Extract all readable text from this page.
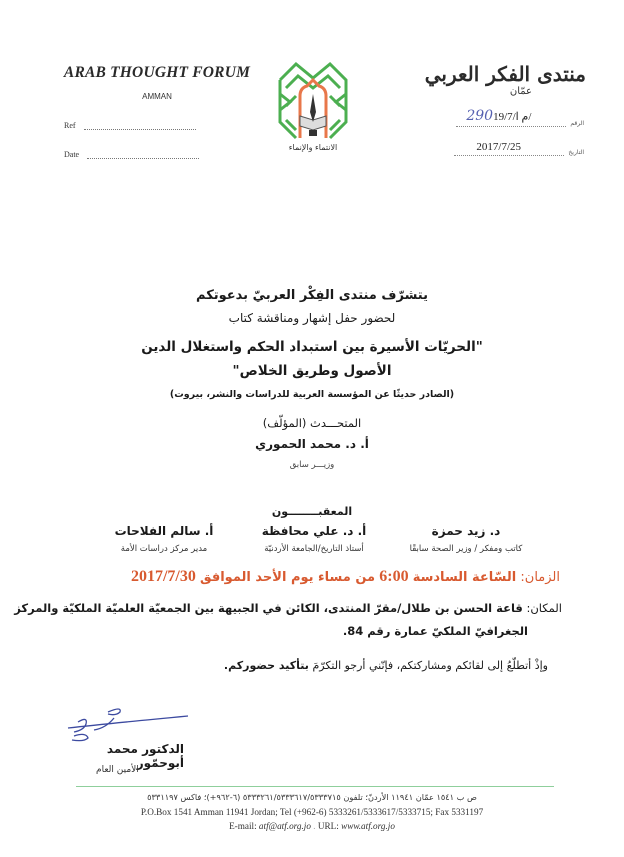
ARAB THOUGHT FORUM
AMMAN
Ref
Date
الانتماء والإنماء
منتدى الفكر العربي
عمّان
الرقم
290م ا/19/7/
التاريخ
2017/7/25
يتشرّف منتدى الفِكْر العربيّ بدعوتكم
لحضور حفل إشهار ومناقشة كتاب
"الحريّات الأسيرة بين استبداد الحكم واستغلال الدين
الأصول وطريق الخلاص"
(الصادر حديثًا عن المؤسسة العربية للدراسات والنشر، بيروت)
المتحـــدث (المؤلّف)
أ. د. محمد الحموري
وزيـــر سابق
المعقبــــــــون
د. زيد حمزة
كاتب ومفكر / وزير الصحة سابقًا
أ. د. علي محافظة
أستاذ التاريخ/الجامعة الأردنيّة
أ. سالم الفلاحات
مدير مركز دراسات الأمة
الزمان: السّاعة السادسة 6:00 من مساء يوم الأحد الموافق 2017/7/30
المكان: قاعة الحسن بن طلال/مقرّ المنتدى، الكائن في الجبيهة بين الجمعيّة العلميّة الملكيّة والمركز
الجغرافيّ الملكيّ عمارة رقم 84.
وإذْ أتطلّعُ إلى لقائكم ومشاركتكم، فإنّني أرجو التكرّمَ بتأكيد حضوركم.
الدكتور محمد أبوحمّور
الأمين العام
ص ب ١٥٤١ عمّان ١١٩٤١ الأردنّ؛ تلفون ٥٣٣٣٢٦١/٥٣٣٣٦١٧/٥٣٣٣٧١٥ (٦-٩٦٢+)؛ فاكس ٥٣٣١١٩٧
P.O.Box 1541 Amman 11941 Jordan; Tel (+962-6) 5333261/5333617/5333715; Fax 5331197
E-mail: atf@atf.org.jo . URL: www.atf.org.jo
